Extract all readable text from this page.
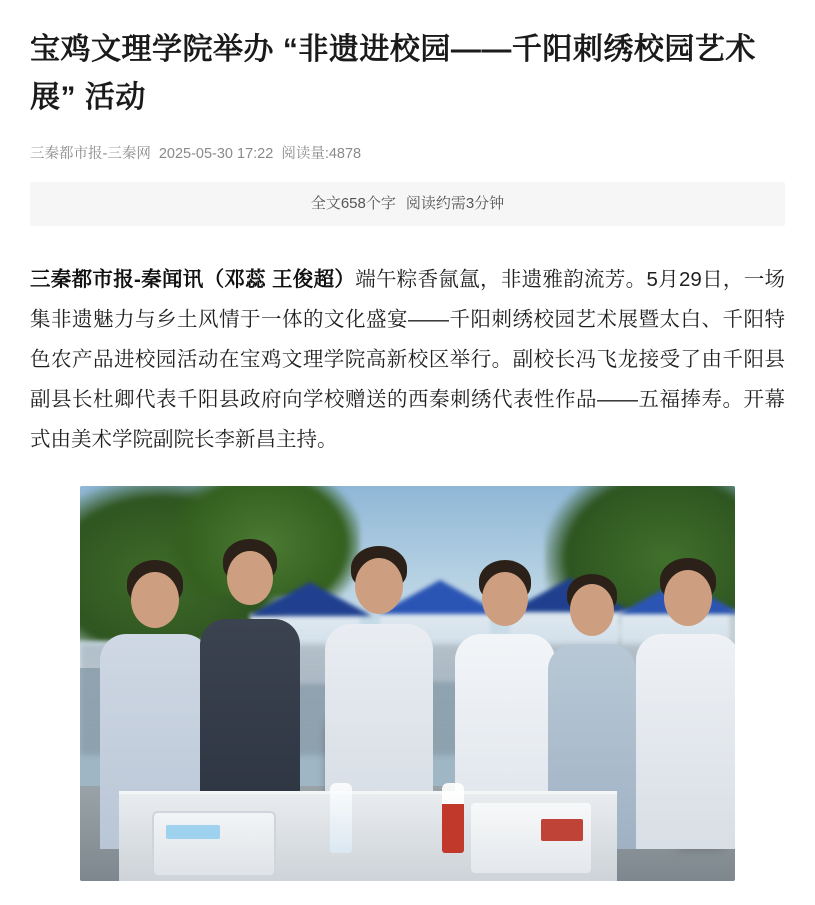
宝鸡文理学院举办 “非遗进校园——千阳刺绣校园艺术展” 活动
三秦都市报-三秦网 2025-05-30 17:22 阅读量:4878
全文658个字 阅读约需3分钟
三秦都市报-秦闻讯（邓蕊 王俊超）端午粽香氤氲，非遗雅韵流芳。5月29日，一场集非遗魅力与乡土风情于一体的文化盛宴——千阳刺绣校园艺术展暨太白、千阳特色农产品进校园活动在宝鸡文理学院高新校区举行。副校长冯飞龙接受了由千阳县副县长杜卿代表千阳县政府向学校赠送的西秦刺绣代表性作品——五福捧寿。开幕式由美术学院副院长李新昌主持。
